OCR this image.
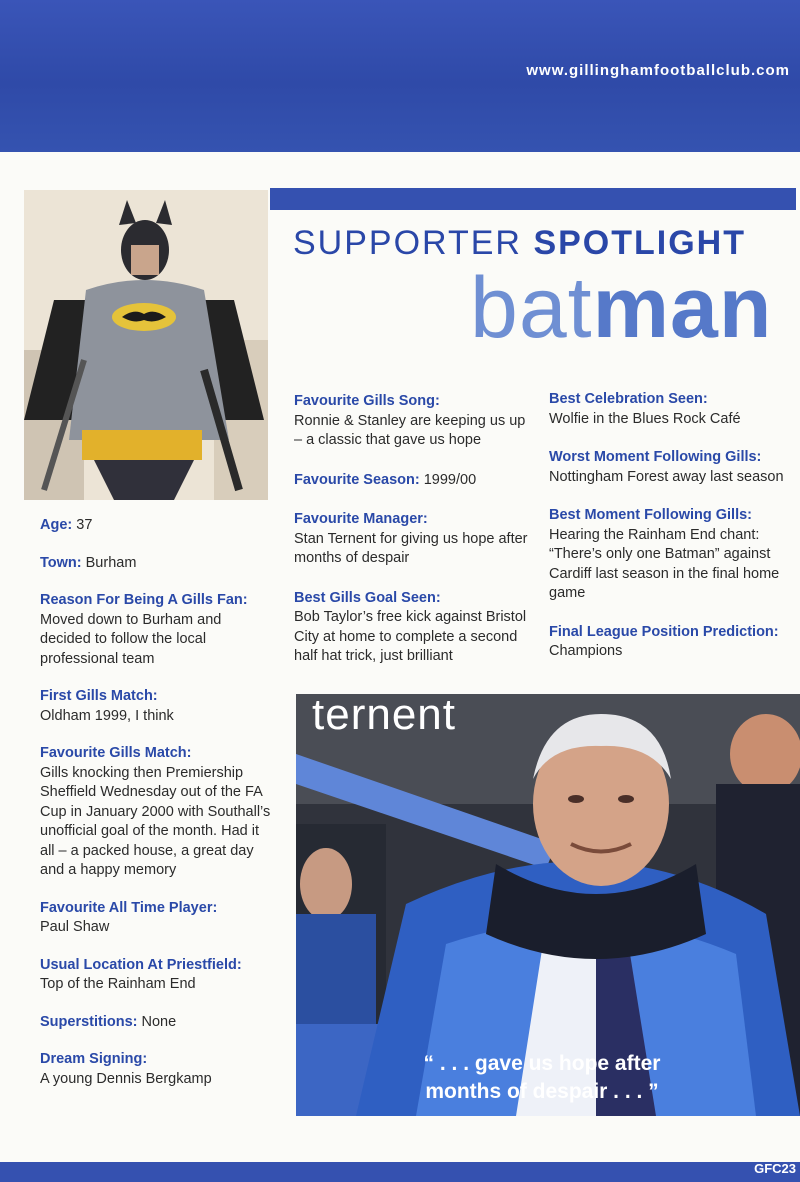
www.gillinghamfootballclub.com
SUPPORTER SPOTLIGHT
batman
Age: 37
Town: Burham
Reason For Being A Gills Fan:
Moved down to Burham and decided to follow the local professional team
First Gills Match:
Oldham 1999, I think
Favourite Gills Match:
Gills knocking then Premiership Sheffield Wednesday out of the FA Cup in January 2000 with Southall’s unofficial goal of the month. Had it all – a packed house, a great day and a happy memory
Favourite All Time Player:
Paul Shaw
Usual Location At Priestfield:
Top of the Rainham End
Superstitions: None
Dream Signing:
A young Dennis Bergkamp
Favourite Gills Song:
Ronnie & Stanley are keeping us up – a classic that gave us hope
Favourite Season: 1999/00
Favourite Manager:
Stan Ternent for giving us hope after months of despair
Best Gills Goal Seen:
Bob Taylor’s free kick against Bristol City at home to complete a second half hat trick, just brilliant
Best Celebration Seen:
Wolfie in the Blues Rock Café
Worst Moment Following Gills: Nottingham Forest away last season
Best Moment Following Gills:
Hearing the Rainham End chant: “There’s only one Batman” against Cardiff last season in the final home game
Final League Position Prediction: Champions
ternent
“ . . . gave us hope after months of despair . . . ”
GFC23
